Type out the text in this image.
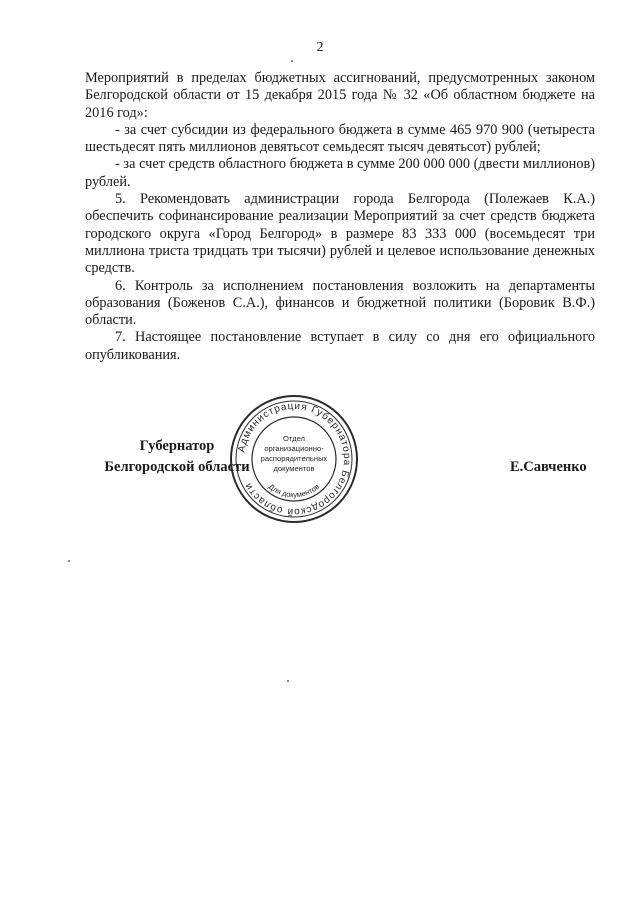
2

Мероприятий в пределах бюджетных ассигнований, предусмотренных законом Белгородской области от 15 декабря 2015 года № 32 «Об областном бюджете на 2016 год»:

- за счет субсидии из федерального бюджета в сумме 465 970 900 (четыреста шестьдесят пять миллионов девятьсот семьдесят тысяч девятьсот) рублей;

- за счет средств областного бюджета в сумме 200 000 000 (двести миллионов) рублей.

5. Рекомендовать администрации города Белгорода (Полежаев К.А.) обеспечить софинансирование реализации Мероприятий за счет средств бюджета городского округа «Город Белгород» в размере 83 333 000 (восемьдесят три миллиона триста тридцать три тысячи) рублей и целевое использование денежных средств.

6. Контроль за исполнением постановления возложить на департаменты образования (Боженов С.А.), финансов и бюджетной политики (Боровик В.Ф.) области.

7. Настоящее постановление вступает в силу со дня его официального опубликования.

Губернатор
Белгородской области	Е.Савченко
Администрация Губернатора Белгородской области	Для документов
Отдел
организационно-
распорядительных
документов
